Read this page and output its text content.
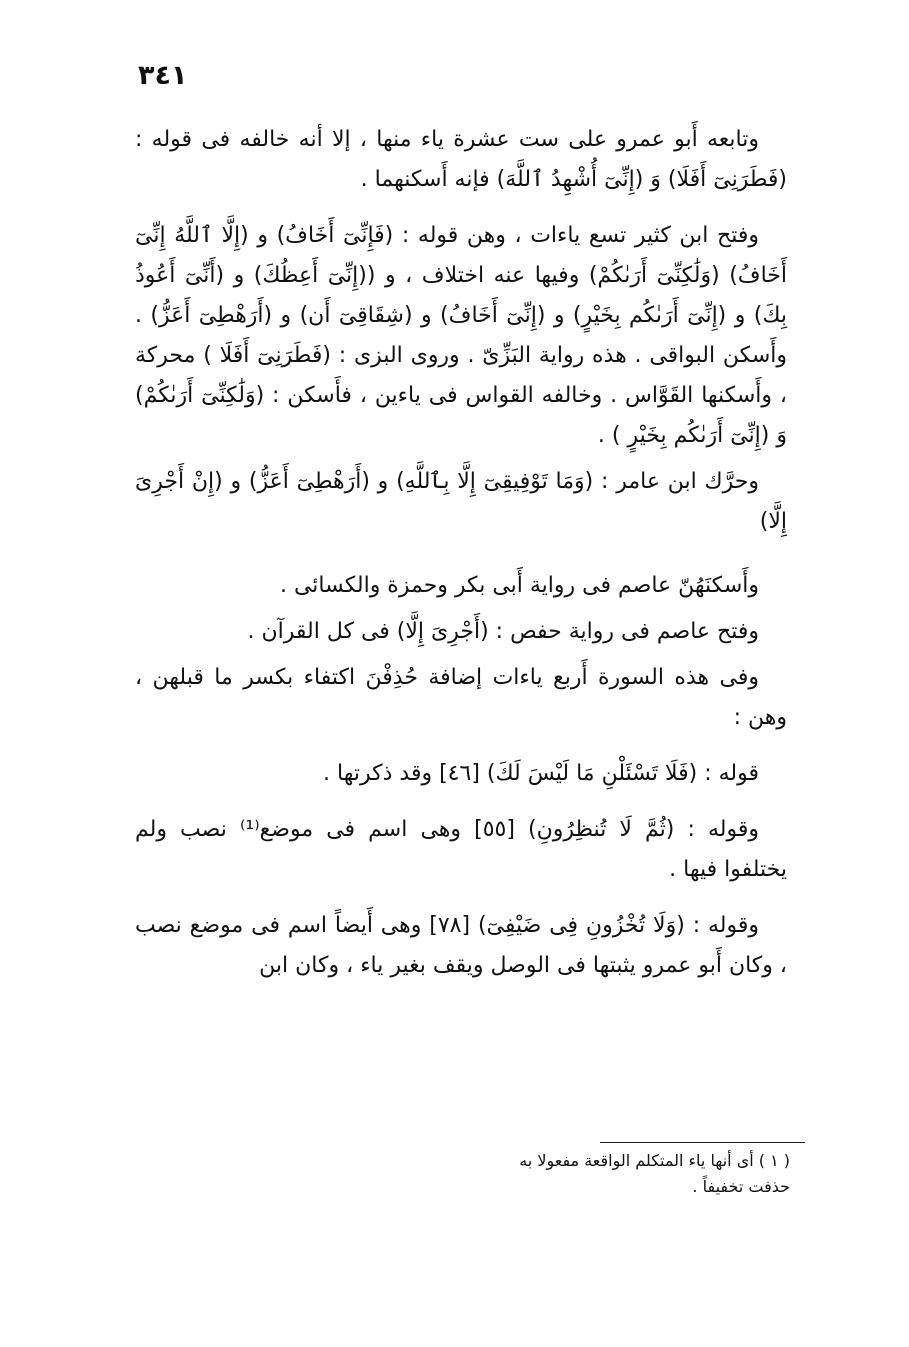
٣٤١

وتابعه أَبو عمرو على ست عشرة ياء منها ، إلا أنه خالفه فى قوله : (فَطَرَنِىٓ أَفَلَا) وَ (إِنِّىٓ أُشْهِدُ ٱللَّهَ) فإنه أَسكنهما .

وفتح ابن كثير تسع ياءات ، وهن قوله : (فَإِنِّىٓ أَخَافُ) و (إِلَّا ٱللَّهُ إِنِّىٓ أَخَافُ) (وَلَٰكِنِّىٓ أَرَىٰكُمْ) وفيها عنه اختلاف ، و ((إِنِّىٓ أَعِظُكَ) و (أَنِّىٓ أَعُوذُ بِكَ) و (إِنِّىٓ أَرَىٰكُم بِخَيْرٍ) و (إِنِّىٓ أَخَافُ) و (شِقَاقِىٓ أَن) و (أَرَهْطِىٓ أَعَزُّ) . وأَسكن البواقى . هذه رواية البَزِّىّ . وروى البزى : (فَطَرَنِىٓ أَفَلَا ) محركة ، وأَسكنها القَوَّاس . وخالفه القواس فى ياءين ، فأَسكن : (وَلَٰكِنِّىٓ أَرَىٰكُمْ) وَ (إِنِّىٓ أَرَىٰكُم بِخَيْرٍ ) .

وحرَّك ابن عامر : (وَمَا تَوْفِيقِىٓ إِلَّا بِٱللَّهِ) و (أَرَهْطِىٓ أَعَزُّ) و (إِنْ أَجْرِىَ إِلَّا)

وأَسكنَهُنّ عاصم فى رواية أَبى بكر وحمزة والكسائى .

وفتح عاصم فى رواية حفص : (أَجْرِىَ إِلَّا) فى كل القرآن .

وفى هذه السورة أَربع ياءات إضافة حُذِفْنَ اكتفاء بكسر ما قبلهن ، وهن :

قوله : (فَلَا تَسْئَلْنِ مَا لَيْسَ لَكَ) [٤٦] وقد ذكرتها .

وقوله : (ثُمَّ لَا تُنظِرُونِ) [٥٥] وهى اسم فى موضع⁽¹⁾ نصب ولم يختلفوا فيها .

وقوله : (وَلَا تُخْزُونِ فِى ضَيْفِىٓ) [٧٨] وهى أَيضاً اسم فى موضع نصب ، وكان أَبو عمرو يثبتها فى الوصل ويقف بغير ياء ، وكان ابن

( ١ ) أى أنها ياء المتكلم الواقعة مفعولا به

حذفت تخفيفاً .
